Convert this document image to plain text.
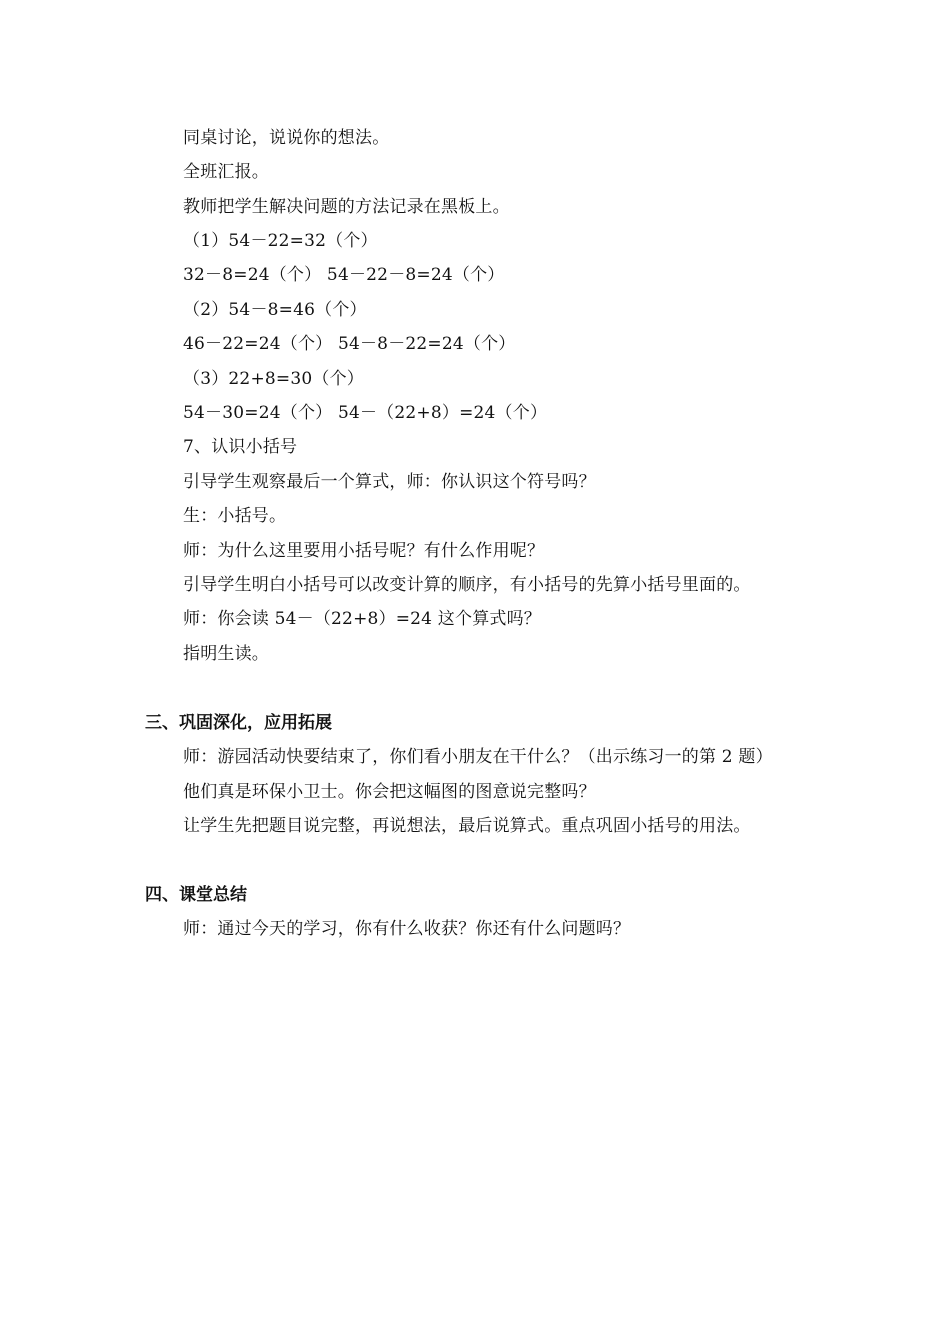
同桌讨论，说说你的想法。
全班汇报。
教师把学生解决问题的方法记录在黑板上。
（1）54－22=32（个）
32－8=24（个） 54－22－8=24（个）
（2）54－8=46（个）
46－22=24（个） 54－8－22=24（个）
（3）22+8=30（个）
54－30=24（个） 54－（22+8）=24（个）
7、认识小括号
引导学生观察最后一个算式，师：你认识这个符号吗？
生：小括号。
师：为什么这里要用小括号呢？有什么作用呢？
引导学生明白小括号可以改变计算的顺序，有小括号的先算小括号里面的。
师：你会读 54－（22+8）=24 这个算式吗？
指明生读。
三、巩固深化，应用拓展
师：游园活动快要结束了，你们看小朋友在干什么？（出示练习一的第 2 题）
他们真是环保小卫士。你会把这幅图的图意说完整吗？
让学生先把题目说完整，再说想法，最后说算式。重点巩固小括号的用法。
四、课堂总结
师：通过今天的学习，你有什么收获？你还有什么问题吗？
